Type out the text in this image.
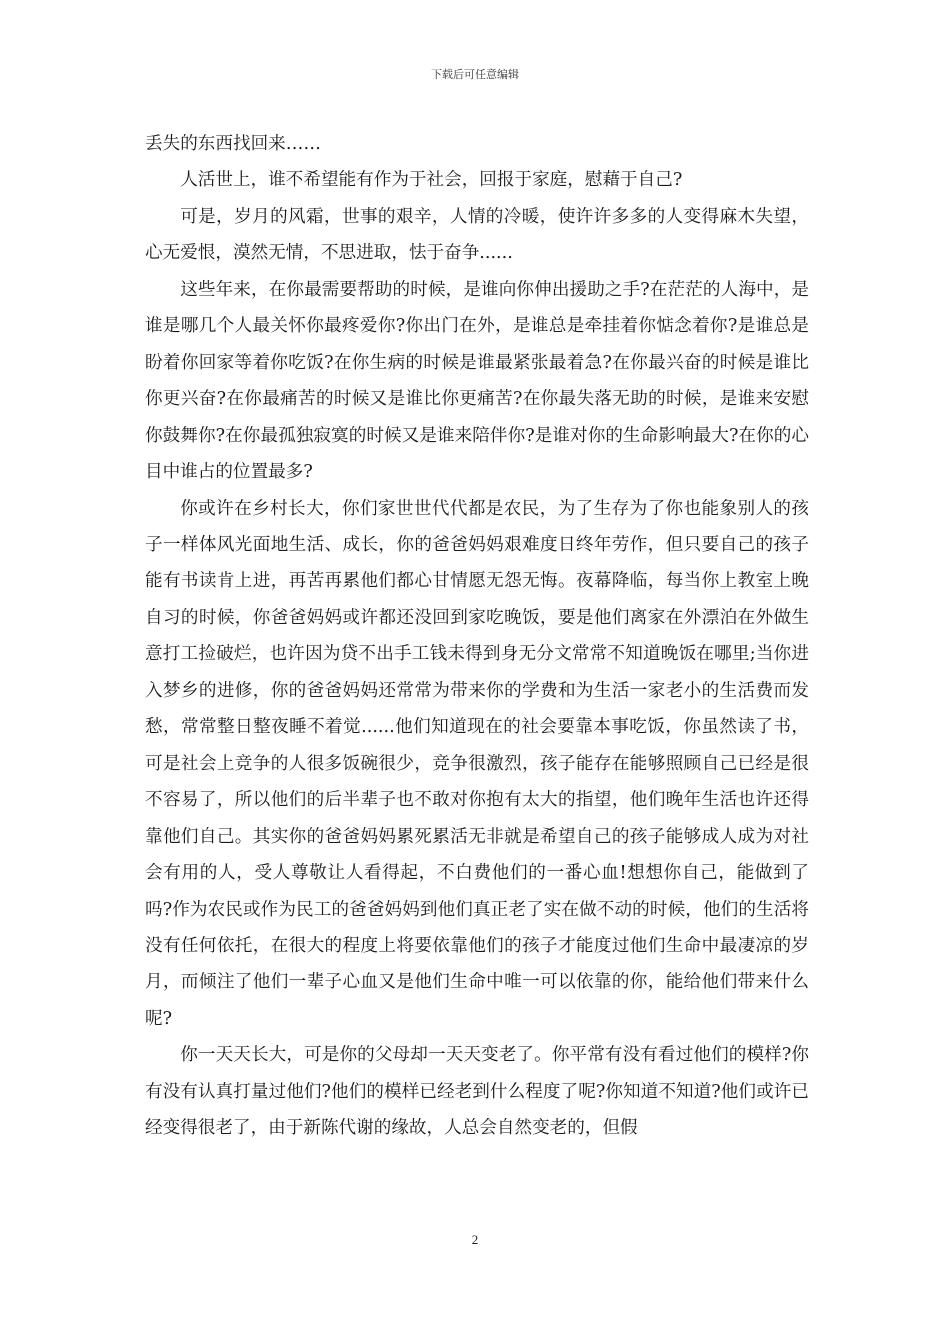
下载后可任意编辑

丢失的东西找回来……

人活世上，谁不希望能有作为于社会，回报于家庭，慰藉于自己?

可是，岁月的风霜，世事的艰辛，人情的冷暖，使许许多多的人变得麻木失望，心无爱恨，漠然无情，不思进取，怯于奋争......

这些年来，在你最需要帮助的时候，是谁向你伸出援助之手?在茫茫的人海中，是谁是哪几个人最关怀你最疼爱你?你出门在外，是谁总是牵挂着你惦念着你?是谁总是盼着你回家等着你吃饭?在你生病的时候是谁最紧张最着急?在你最兴奋的时候是谁比你更兴奋?在你最痛苦的时候又是谁比你更痛苦?在你最失落无助的时候，是谁来安慰你鼓舞你?在你最孤独寂寞的时候又是谁来陪伴你?是谁对你的生命影响最大?在你的心目中谁占的位置最多?

你或许在乡村长大，你们家世世代代都是农民，为了生存为了你也能象别人的孩子一样体风光面地生活、成长，你的爸爸妈妈艰难度日终年劳作，但只要自己的孩子能有书读肯上进，再苦再累他们都心甘情愿无怨无悔。夜幕降临，每当你上教室上晚自习的时候，你爸爸妈妈或许都还没回到家吃晚饭，要是他们离家在外漂泊在外做生意打工捡破烂，也许因为贷不出手工钱未得到身无分文常常不知道晚饭在哪里;当你进入梦乡的进修，你的爸爸妈妈还常常为带来你的学费和为生活一家老小的生活费而发愁，常常整日整夜睡不着觉......他们知道现在的社会要靠本事吃饭，你虽然读了书，可是社会上竞争的人很多饭碗很少，竞争很激烈，孩子能存在能够照顾自己已经是很不容易了，所以他们的后半辈子也不敢对你抱有太大的指望，他们晚年生活也许还得靠他们自己。其实你的爸爸妈妈累死累活无非就是希望自己的孩子能够成人成为对社会有用的人，受人尊敬让人看得起，不白费他们的一番心血!想想你自己，能做到了吗?作为农民或作为民工的爸爸妈妈到他们真正老了实在做不动的时候，他们的生活将没有任何依托，在很大的程度上将要依靠他们的孩子才能度过他们生命中最凄凉的岁月，而倾注了他们一辈子心血又是他们生命中唯一可以依靠的你，能给他们带来什么呢?

你一天天长大，可是你的父母却一天天变老了。你平常有没有看过他们的模样?你有没有认真打量过他们?他们的模样已经老到什么程度了呢?你知道不知道?他们或许已经变得很老了，由于新陈代谢的缘故，人总会自然变老的，但假

2
